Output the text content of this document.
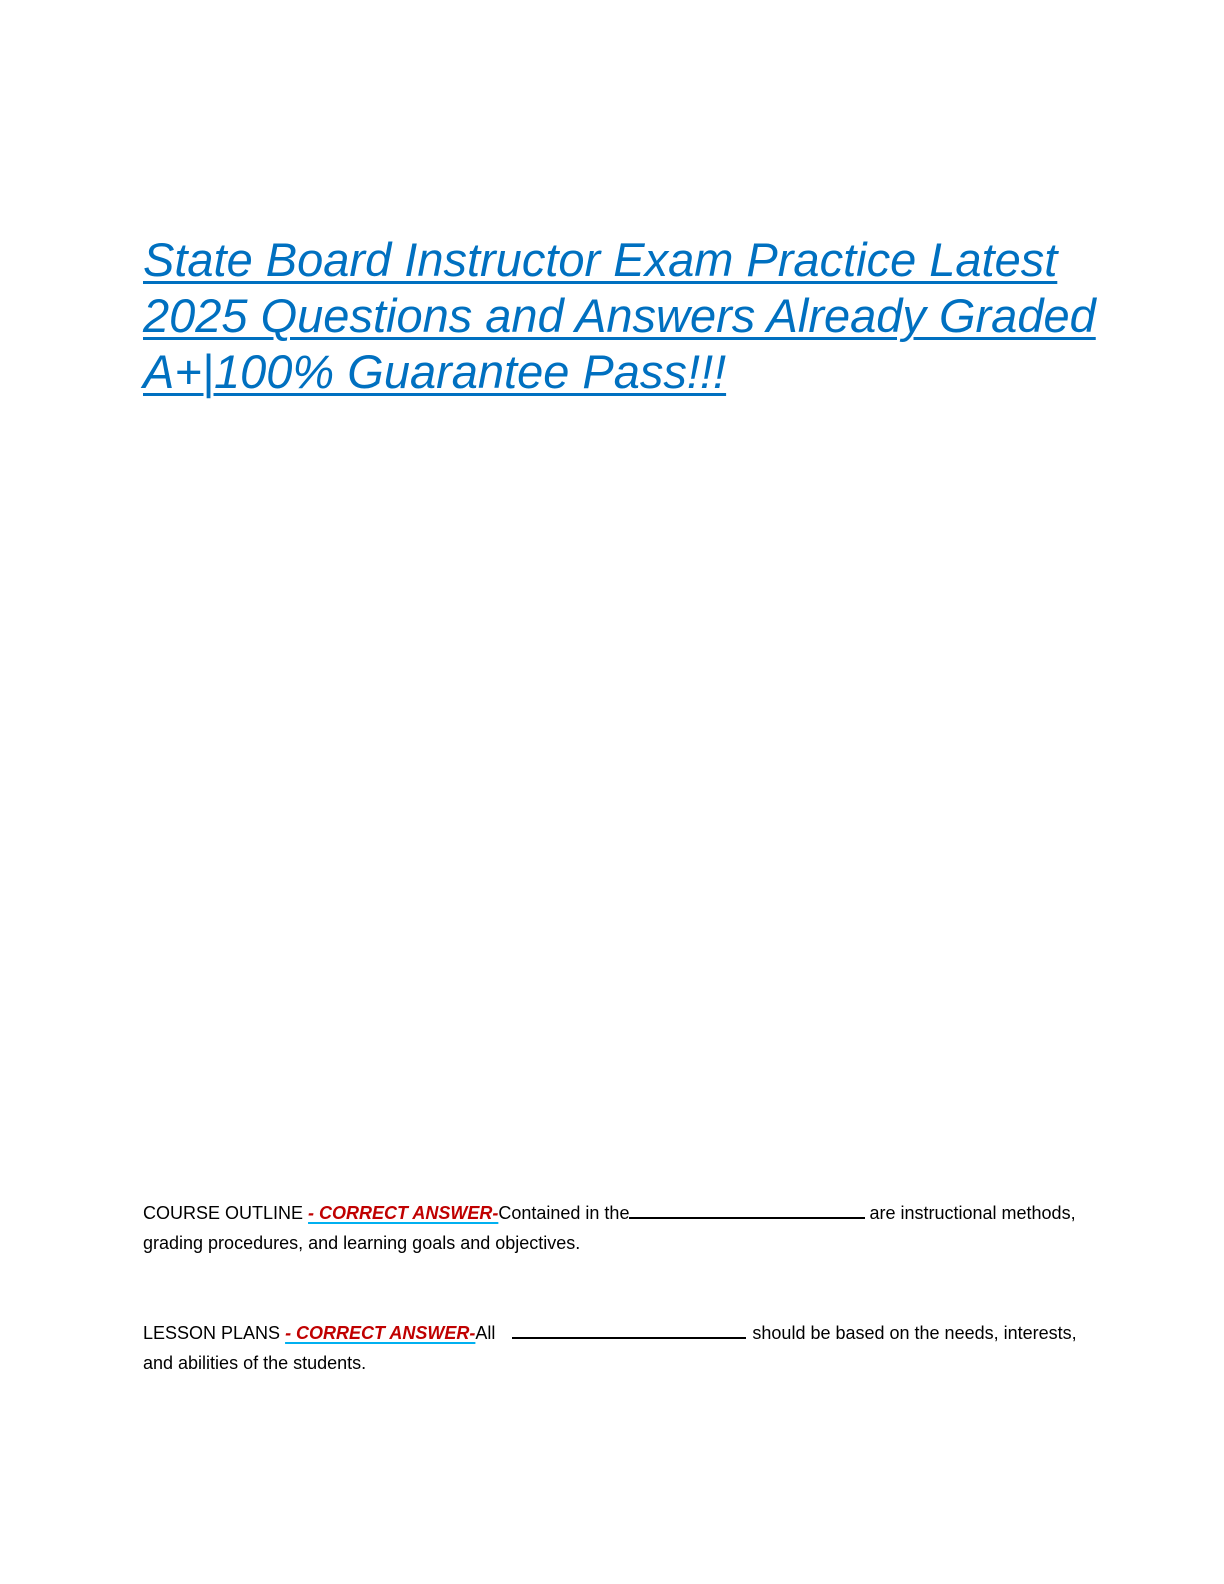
State Board Instructor Exam Practice Latest 2025 Questions and Answers Already Graded A+|100% Guarantee Pass!!!

COURSE OUTLINE - CORRECT ANSWER-Contained in the	are instructional methods, grading procedures, and learning goals and objectives.

LESSON PLANS - CORRECT ANSWER-All	should be based on the needs, interests, and abilities of the students.
